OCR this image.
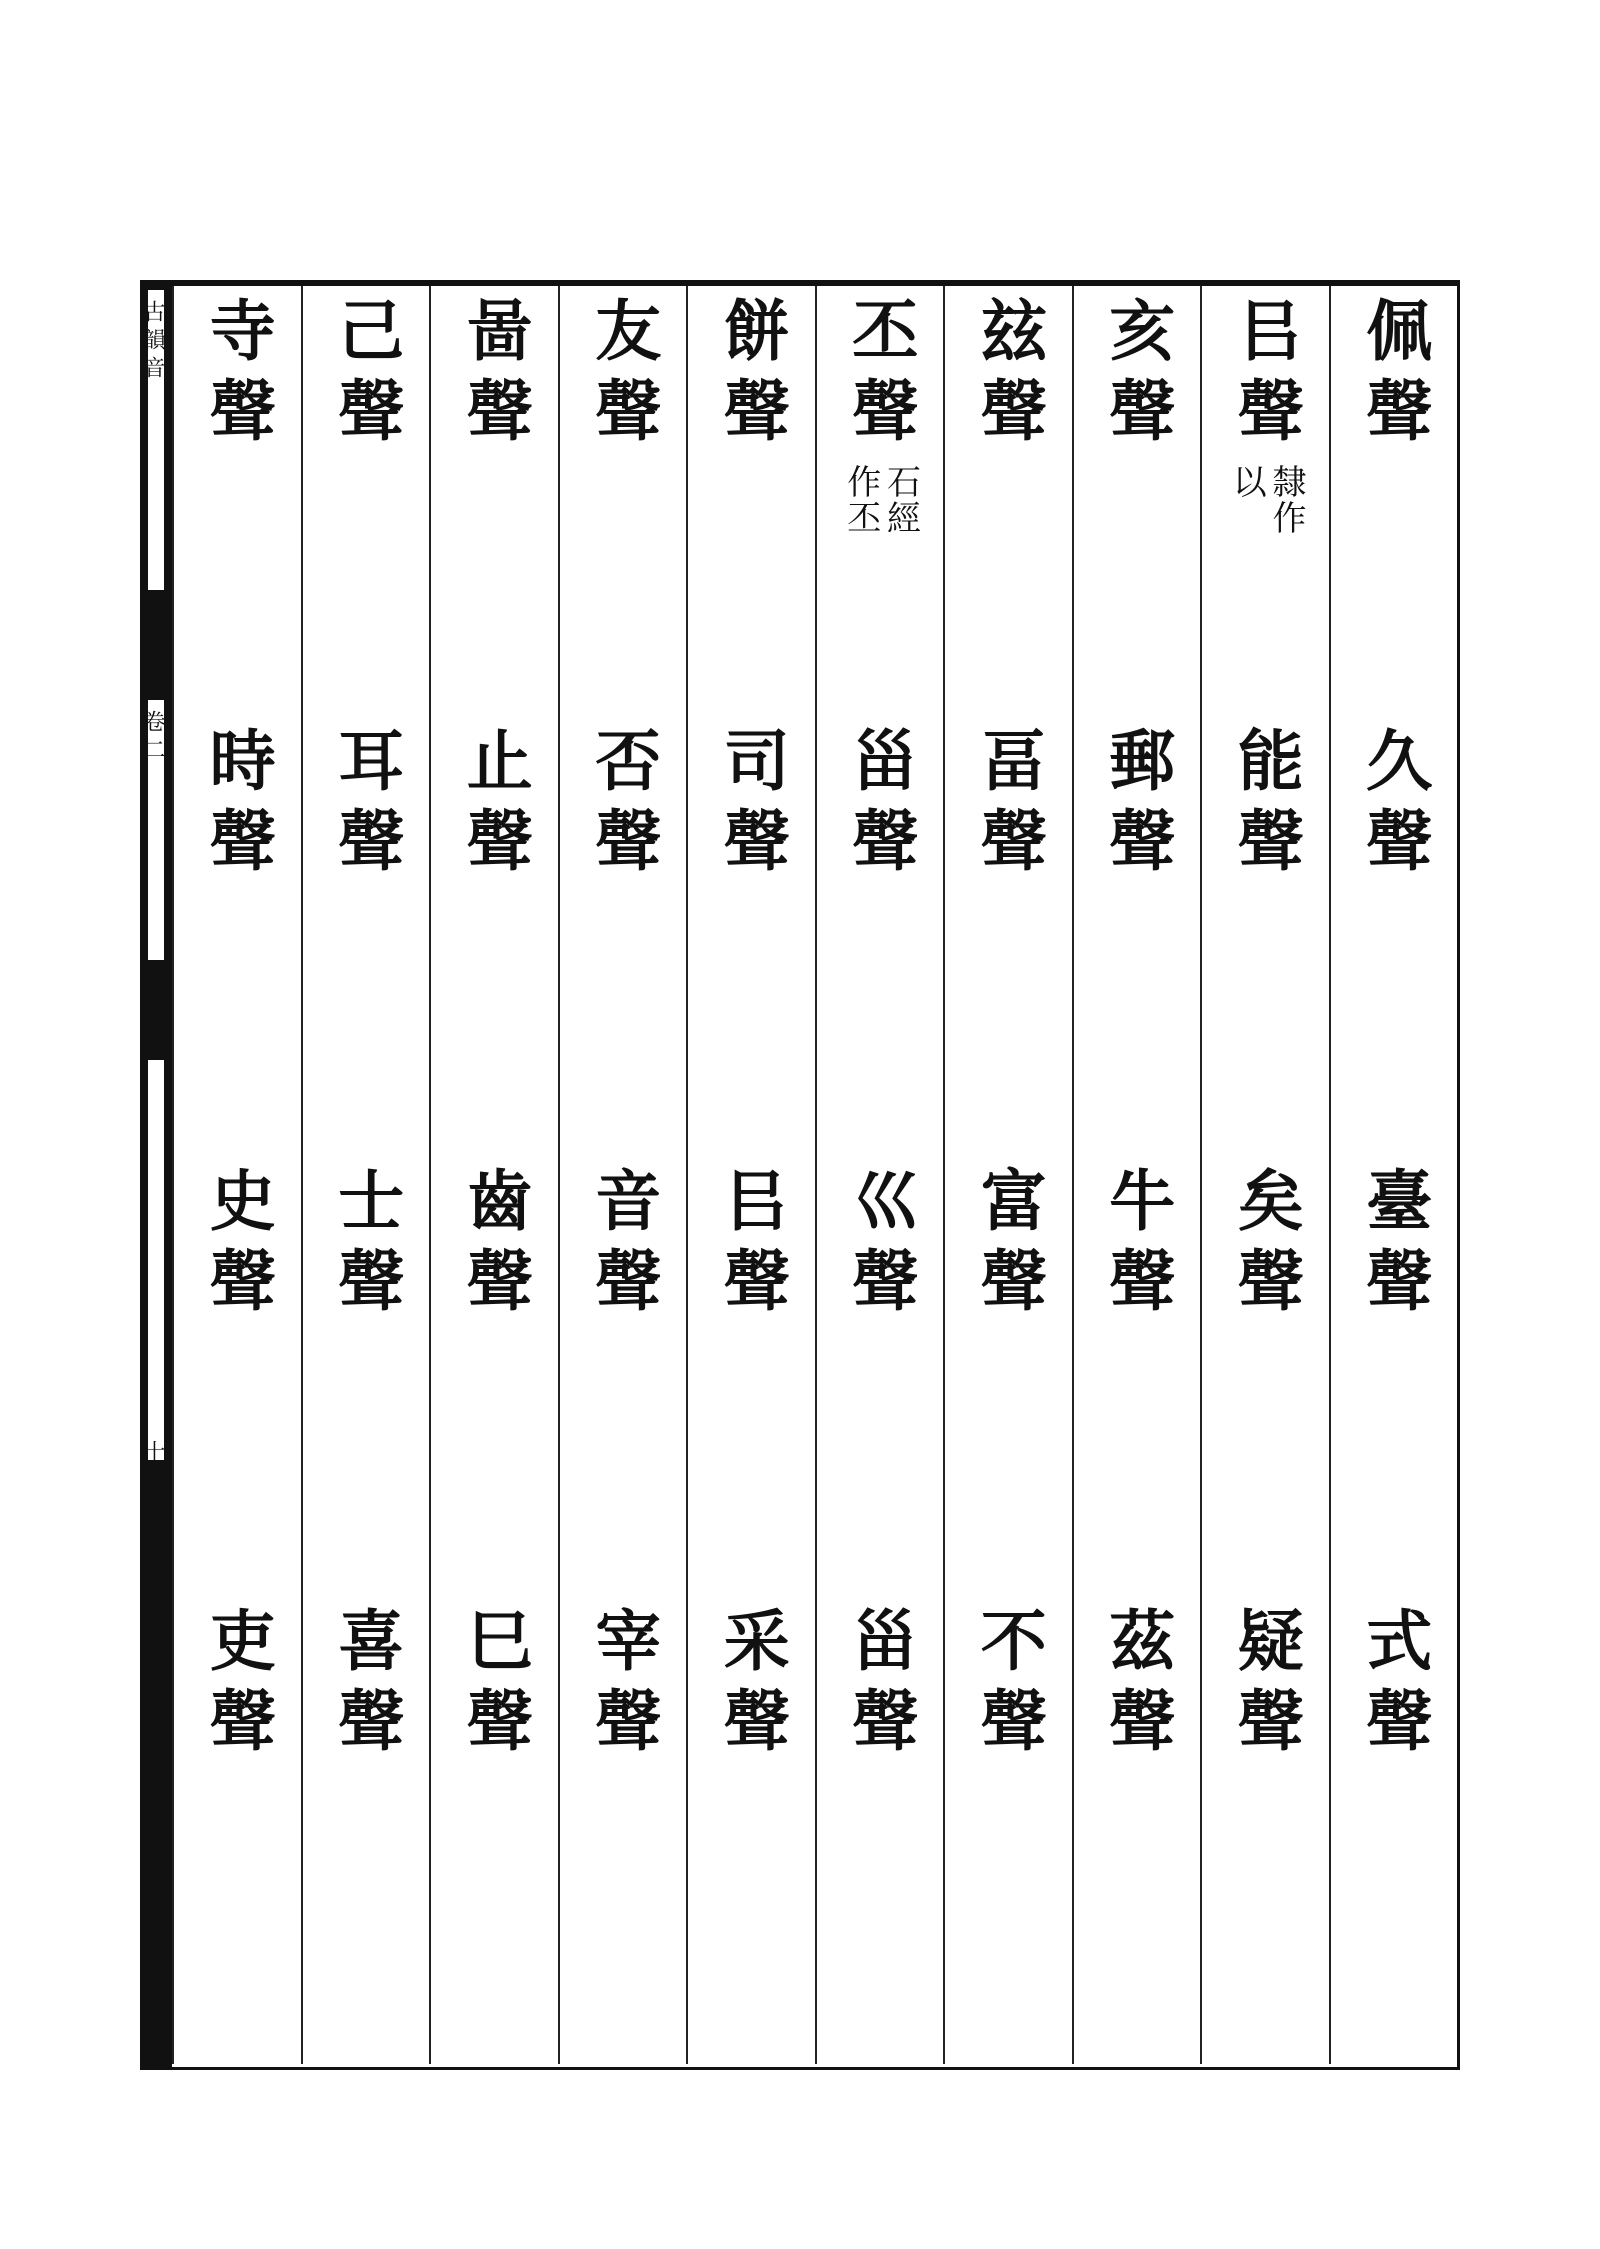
古韻音
卷二
十
佩聲
久聲
臺聲
式聲
㠯聲
隸作
以
能聲
矣聲
疑聲
亥聲
郵聲
牛聲
茲聲
玆聲
畐聲
富聲
不聲
丕聲
石經
作丕
甾聲
巛聲
甾聲
餅聲
司聲
㠯聲
采聲
友聲
否聲
音聲
宰聲
啚聲
止聲
齒聲
巳聲
己聲
耳聲
士聲
喜聲
寺聲
時聲
史聲
吏聲
